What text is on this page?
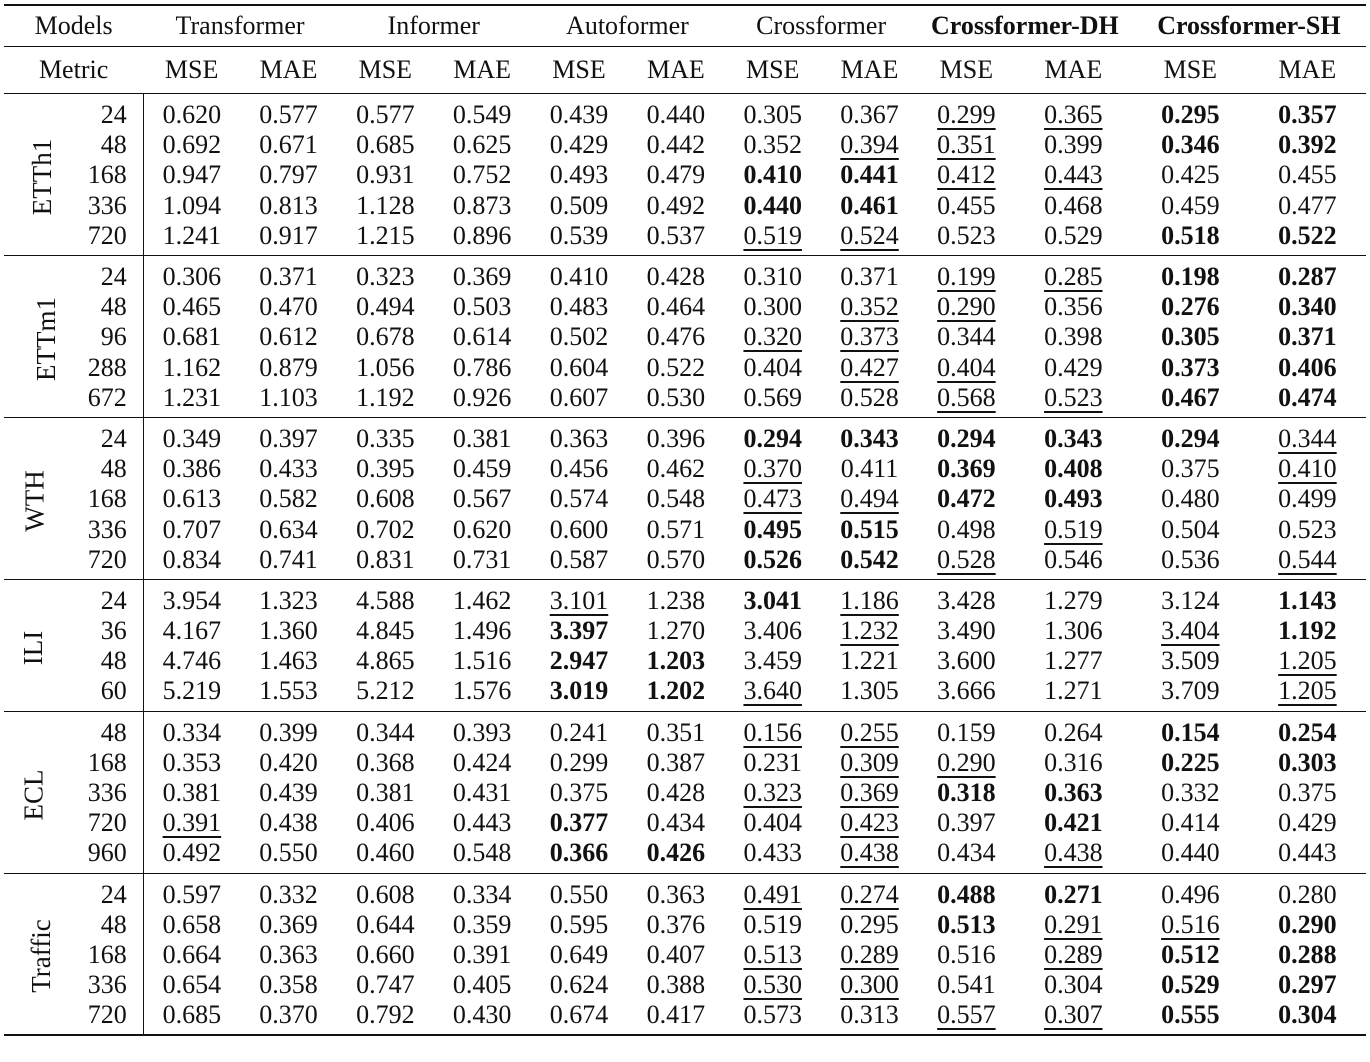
Models		Transformer		Informer		Autoformer		Crossformer		Crossformer-DH		Crossformer-SH	
Metric		MSE	MAE	MSE	MAE	MSE	MAE	MSE	MAE	MSE	MAE	MSE	MAE
ETTh1	24	0.620	0.577	0.577	0.549	0.439	0.440	0.305	0.367	0.299	0.365	0.295	0.357
	48	0.692	0.671	0.685	0.625	0.429	0.442	0.352	0.394	0.351	0.399	0.346	0.392
	168	0.947	0.797	0.931	0.752	0.493	0.479	0.410	0.441	0.412	0.443	0.425	0.455
	336	1.094	0.813	1.128	0.873	0.509	0.492	0.440	0.461	0.455	0.468	0.459	0.477
	720	1.241	0.917	1.215	0.896	0.539	0.537	0.519	0.524	0.523	0.529	0.518	0.522
ETTm1	24	0.306	0.371	0.323	0.369	0.410	0.428	0.310	0.371	0.199	0.285	0.198	0.287
	48	0.465	0.470	0.494	0.503	0.483	0.464	0.300	0.352	0.290	0.356	0.276	0.340
	96	0.681	0.612	0.678	0.614	0.502	0.476	0.320	0.373	0.344	0.398	0.305	0.371
	288	1.162	0.879	1.056	0.786	0.604	0.522	0.404	0.427	0.404	0.429	0.373	0.406
	672	1.231	1.103	1.192	0.926	0.607	0.530	0.569	0.528	0.568	0.523	0.467	0.474
WTH	24	0.349	0.397	0.335	0.381	0.363	0.396	0.294	0.343	0.294	0.343	0.294	0.344
	48	0.386	0.433	0.395	0.459	0.456	0.462	0.370	0.411	0.369	0.408	0.375	0.410
	168	0.613	0.582	0.608	0.567	0.574	0.548	0.473	0.494	0.472	0.493	0.480	0.499
	336	0.707	0.634	0.702	0.620	0.600	0.571	0.495	0.515	0.498	0.519	0.504	0.523
	720	0.834	0.741	0.831	0.731	0.587	0.570	0.526	0.542	0.528	0.546	0.536	0.544
ILI	24	3.954	1.323	4.588	1.462	3.101	1.238	3.041	1.186	3.428	1.279	3.124	1.143
	36	4.167	1.360	4.845	1.496	3.397	1.270	3.406	1.232	3.490	1.306	3.404	1.192
	48	4.746	1.463	4.865	1.516	2.947	1.203	3.459	1.221	3.600	1.277	3.509	1.205
	60	5.219	1.553	5.212	1.576	3.019	1.202	3.640	1.305	3.666	1.271	3.709	1.205
ECL	48	0.334	0.399	0.344	0.393	0.241	0.351	0.156	0.255	0.159	0.264	0.154	0.254
	168	0.353	0.420	0.368	0.424	0.299	0.387	0.231	0.309	0.290	0.316	0.225	0.303
	336	0.381	0.439	0.381	0.431	0.375	0.428	0.323	0.369	0.318	0.363	0.332	0.375
	720	0.391	0.438	0.406	0.443	0.377	0.434	0.404	0.423	0.397	0.421	0.414	0.429
	960	0.492	0.550	0.460	0.548	0.366	0.426	0.433	0.438	0.434	0.438	0.440	0.443
Traffic	24	0.597	0.332	0.608	0.334	0.550	0.363	0.491	0.274	0.488	0.271	0.496	0.280
	48	0.658	0.369	0.644	0.359	0.595	0.376	0.519	0.295	0.513	0.291	0.516	0.290
	168	0.664	0.363	0.660	0.391	0.649	0.407	0.513	0.289	0.516	0.289	0.512	0.288
	336	0.654	0.358	0.747	0.405	0.624	0.388	0.530	0.300	0.541	0.304	0.529	0.297
	720	0.685	0.370	0.792	0.430	0.674	0.417	0.573	0.313	0.557	0.307	0.555	0.304
